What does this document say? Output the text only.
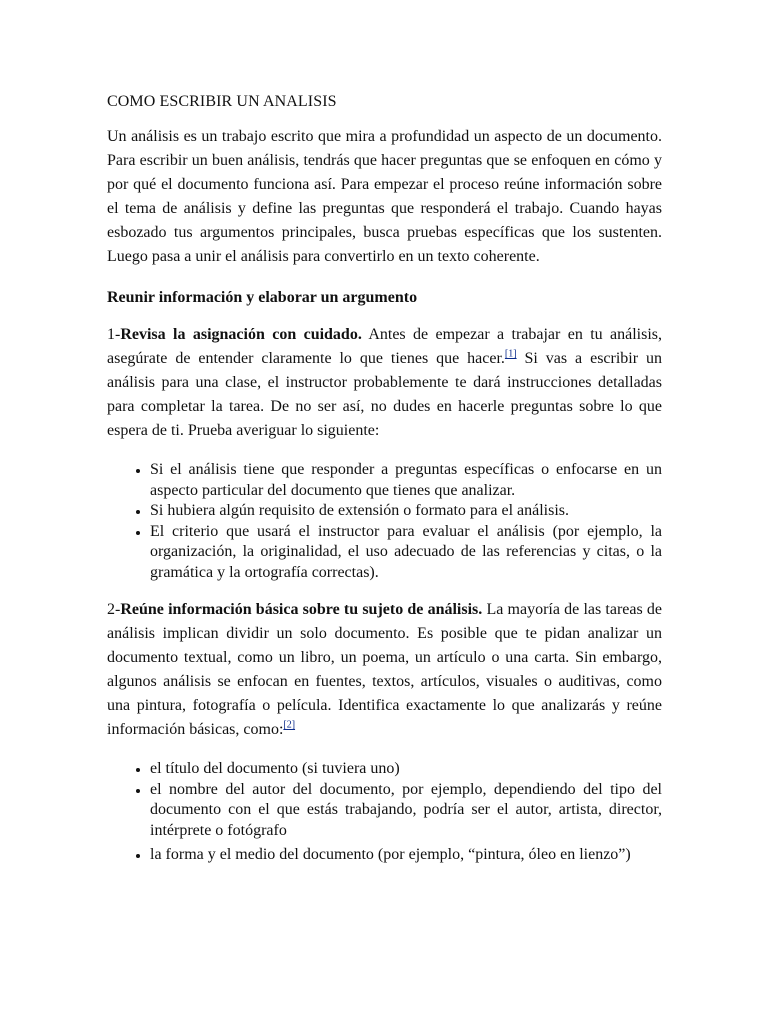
COMO ESCRIBIR UN ANALISIS

Un análisis es un trabajo escrito que mira a profundidad un aspecto de un documento. Para escribir un buen análisis, tendrás que hacer preguntas que se enfoquen en cómo y por qué el documento funciona así. Para empezar el proceso reúne información sobre el tema de análisis y define las preguntas que responderá el trabajo. Cuando hayas esbozado tus argumentos principales, busca pruebas específicas que los sustenten. Luego pasa a unir el análisis para convertirlo en un texto coherente.

Reunir información y elaborar un argumento

1-Revisa la asignación con cuidado. Antes de empezar a trabajar en tu análisis, asegúrate de entender claramente lo que tienes que hacer.[1] Si vas a escribir un análisis para una clase, el instructor probablemente te dará instrucciones detalladas para completar la tarea. De no ser así, no dudes en hacerle preguntas sobre lo que espera de ti. Prueba averiguar lo siguiente:

• Si el análisis tiene que responder a preguntas específicas o enfocarse en un aspecto particular del documento que tienes que analizar.
• Si hubiera algún requisito de extensión o formato para el análisis.
• El criterio que usará el instructor para evaluar el análisis (por ejemplo, la organización, la originalidad, el uso adecuado de las referencias y citas, o la gramática y la ortografía correctas).

2-Reúne información básica sobre tu sujeto de análisis. La mayoría de las tareas de análisis implican dividir un solo documento. Es posible que te pidan analizar un documento textual, como un libro, un poema, un artículo o una carta. Sin embargo, algunos análisis se enfocan en fuentes, textos, artículos, visuales o auditivas, como una pintura, fotografía o película. Identifica exactamente lo que analizarás y reúne información básicas, como:[2]

• el título del documento (si tuviera uno)
• el nombre del autor del documento, por ejemplo, dependiendo del tipo del documento con el que estás trabajando, podría ser el autor, artista, director, intérprete o fotógrafo
• la forma y el medio del documento (por ejemplo, “pintura, óleo en lienzo”)
